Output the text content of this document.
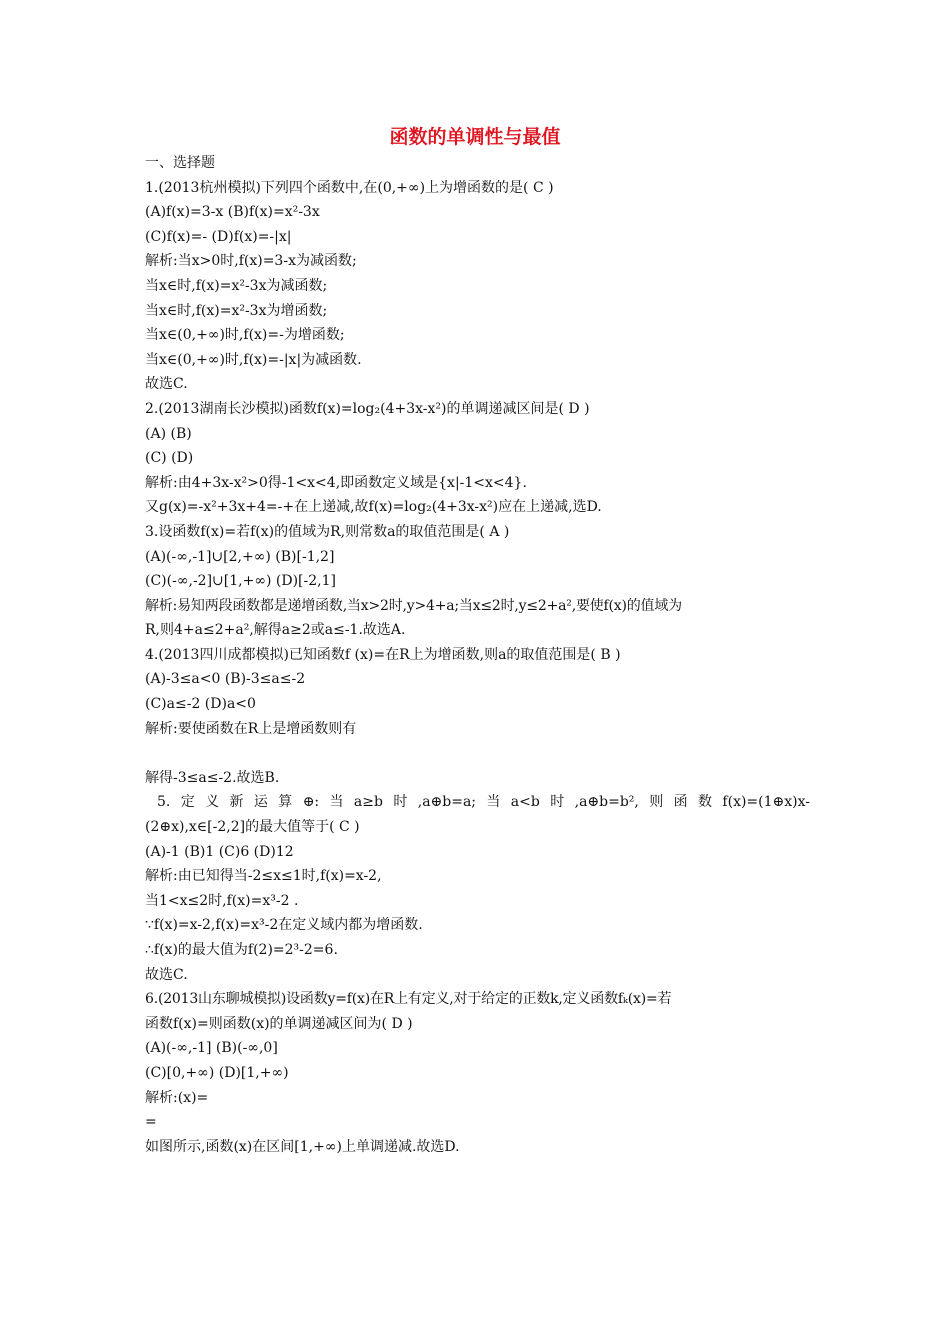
函数的单调性与最值
一、选择题
1.(2013杭州模拟)下列四个函数中,在(0,+∞)上为增函数的是( C )
(A)f(x)=3-x (B)f(x)=x²-3x
(C)f(x)=- (D)f(x)=-|x|
解析:当x>0时,f(x)=3-x为减函数;
当x∈时,f(x)=x²-3x为减函数;
当x∈时,f(x)=x²-3x为增函数;
当x∈(0,+∞)时,f(x)=-为增函数;
当x∈(0,+∞)时,f(x)=-|x|为减函数.
故选C.
2.(2013湖南长沙模拟)函数f(x)=log₂(4+3x-x²)的单调递减区间是( D )
(A) (B)
(C) (D)
解析:由4+3x-x²>0得-1<x<4,即函数定义域是{x|-1<x<4}.
又g(x)=-x²+3x+4=-+在上递减,故f(x)=log₂(4+3x-x²)应在上递减,选D.
3.设函数f(x)=若f(x)的值域为R,则常数a的取值范围是( A )
(A)(-∞,-1]∪[2,+∞) (B)[-1,2]
(C)(-∞,-2]∪[1,+∞) (D)[-2,1]
解析:易知两段函数都是递增函数,当x>2时,y>4+a;当x≤2时,y≤2+a²,要使f(x)的值域为
R,则4+a≤2+a²,解得a≥2或a≤-1.故选A.
4.(2013四川成都模拟)已知函数f (x)=在R上为增函数,则a的取值范围是( B )
(A)-3≤a<0 (B)-3≤a≤-2
(C)a≤-2 (D)a<0
解析:要使函数在R上是增函数则有
解得-3≤a≤-2.故选B.
5.定义新运算⊕:当a≥b时,a⊕b=a;当a<b时,a⊕b=b²,则函数f(x)=(1⊕x)x-
(2⊕x),x∈[-2,2]的最大值等于( C )
(A)-1 (B)1 (C)6 (D)12
解析:由已知得当-2≤x≤1时,f(x)=x-2,
当1<x≤2时,f(x)=x³-2 .
∵f(x)=x-2,f(x)=x³-2在定义域内都为增函数.
∴f(x)的最大值为f(2)=2³-2=6.
故选C.
6.(2013山东聊城模拟)设函数y=f(x)在R上有定义,对于给定的正数k,定义函数fₖ(x)=若
函数f(x)=则函数(x)的单调递减区间为( D )
(A)(-∞,-1] (B)(-∞,0]
(C)[0,+∞) (D)[1,+∞)
解析:(x)=
=
如图所示,函数(x)在区间[1,+∞)上单调递减.故选D.
